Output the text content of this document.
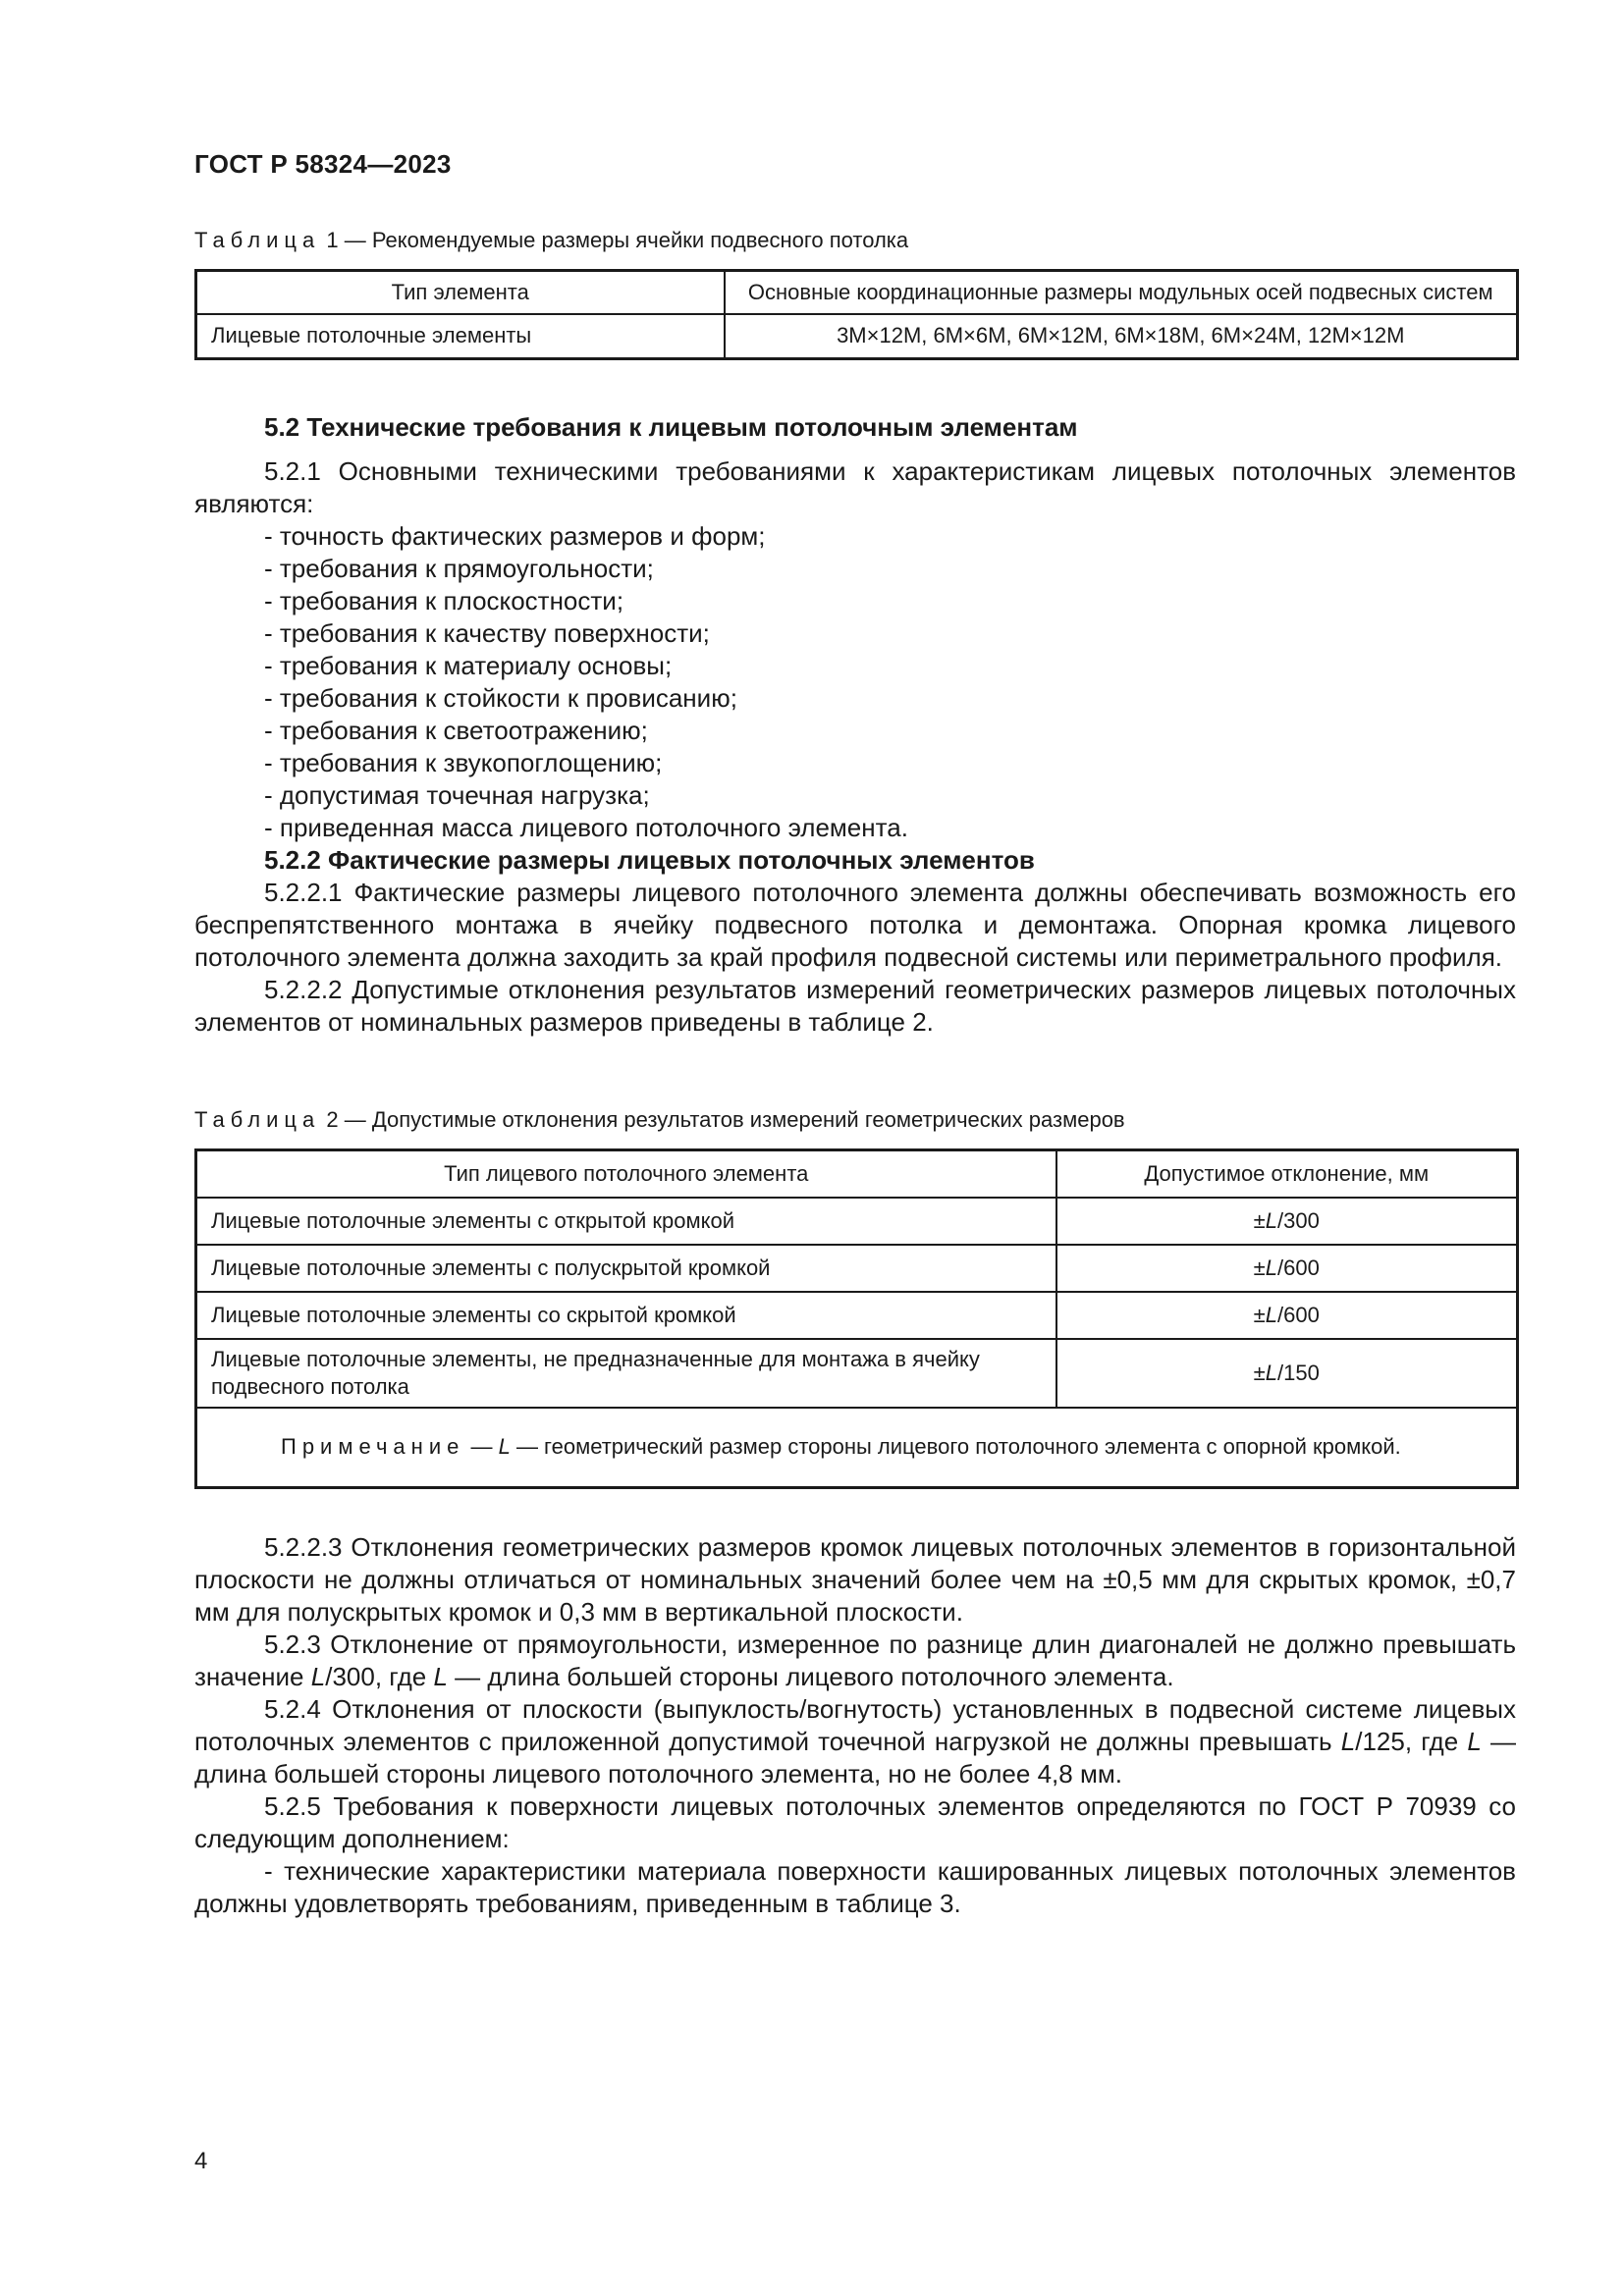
ГОСТ Р 58324—2023
Таблица 1 — Рекомендуемые размеры ячейки подвесного потолка
Тип элемента	Основные координационные размеры модульных осей подвесных систем
Лицевые потолочные элементы	3М×12М, 6М×6М, 6М×12М, 6М×18М, 6М×24М, 12М×12М

5.2 Технические требования к лицевым потолочным элементам

5.2.1 Основными техническими требованиями к характеристикам лицевых потолочных элементов являются:

- точность фактических размеров и форм;

- требования к прямоугольности;

- требования к плоскостности;

- требования к качеству поверхности;

- требования к материалу основы;

- требования к стойкости к провисанию;

- требования к светоотражению;

- требования к звукопоглощению;

- допустимая точечная нагрузка;

- приведенная масса лицевого потолочного элемента.

5.2.2 Фактические размеры лицевых потолочных элементов

5.2.2.1 Фактические размеры лицевого потолочного элемента должны обеспечивать возможность его беспрепятственного монтажа в ячейку подвесного потолка и демонтажа. Опорная кромка лицевого потолочного элемента должна заходить за край профиля подвесной системы или периметрального профиля.

5.2.2.2 Допустимые отклонения результатов измерений геометрических размеров лицевых потолочных элементов от номинальных размеров приведены в таблице 2.

Таблица 2 — Допустимые отклонения результатов измерений геометрических размеров
Тип лицевого потолочного элемента	Допустимое отклонение, мм
Лицевые потолочные элементы с открытой кромкой	±L/300
Лицевые потолочные элементы с полускрытой кромкой	±L/600
Лицевые потолочные элементы со скрытой кромкой	±L/600
Лицевые потолочные элементы, не предназначенные для монтажа в ячейку подвесного потолка	±L/150
Примечание — L — геометрический размер стороны лицевого потолочного элемента с опорной кромкой.	

5.2.2.3 Отклонения геометрических размеров кромок лицевых потолочных элементов в горизонтальной плоскости не должны отличаться от номинальных значений более чем на ±0,5 мм для скрытых кромок, ±0,7 мм для полускрытых кромок и 0,3 мм в вертикальной плоскости.

5.2.3 Отклонение от прямоугольности, измеренное по разнице длин диагоналей не должно превышать значение L/300, где L — длина большей стороны лицевого потолочного элемента.

5.2.4 Отклонения от плоскости (выпуклость/вогнутость) установленных в подвесной системе лицевых потолочных элементов с приложенной допустимой точечной нагрузкой не должны превышать L/125, где L — длина большей стороны лицевого потолочного элемента, но не более 4,8 мм.

5.2.5 Требования к поверхности лицевых потолочных элементов определяются по ГОСТ Р 70939 со следующим дополнением:

- технические характеристики материала поверхности кашированных лицевых потолочных элементов должны удовлетворять требованиям, приведенным в таблице 3.

4
